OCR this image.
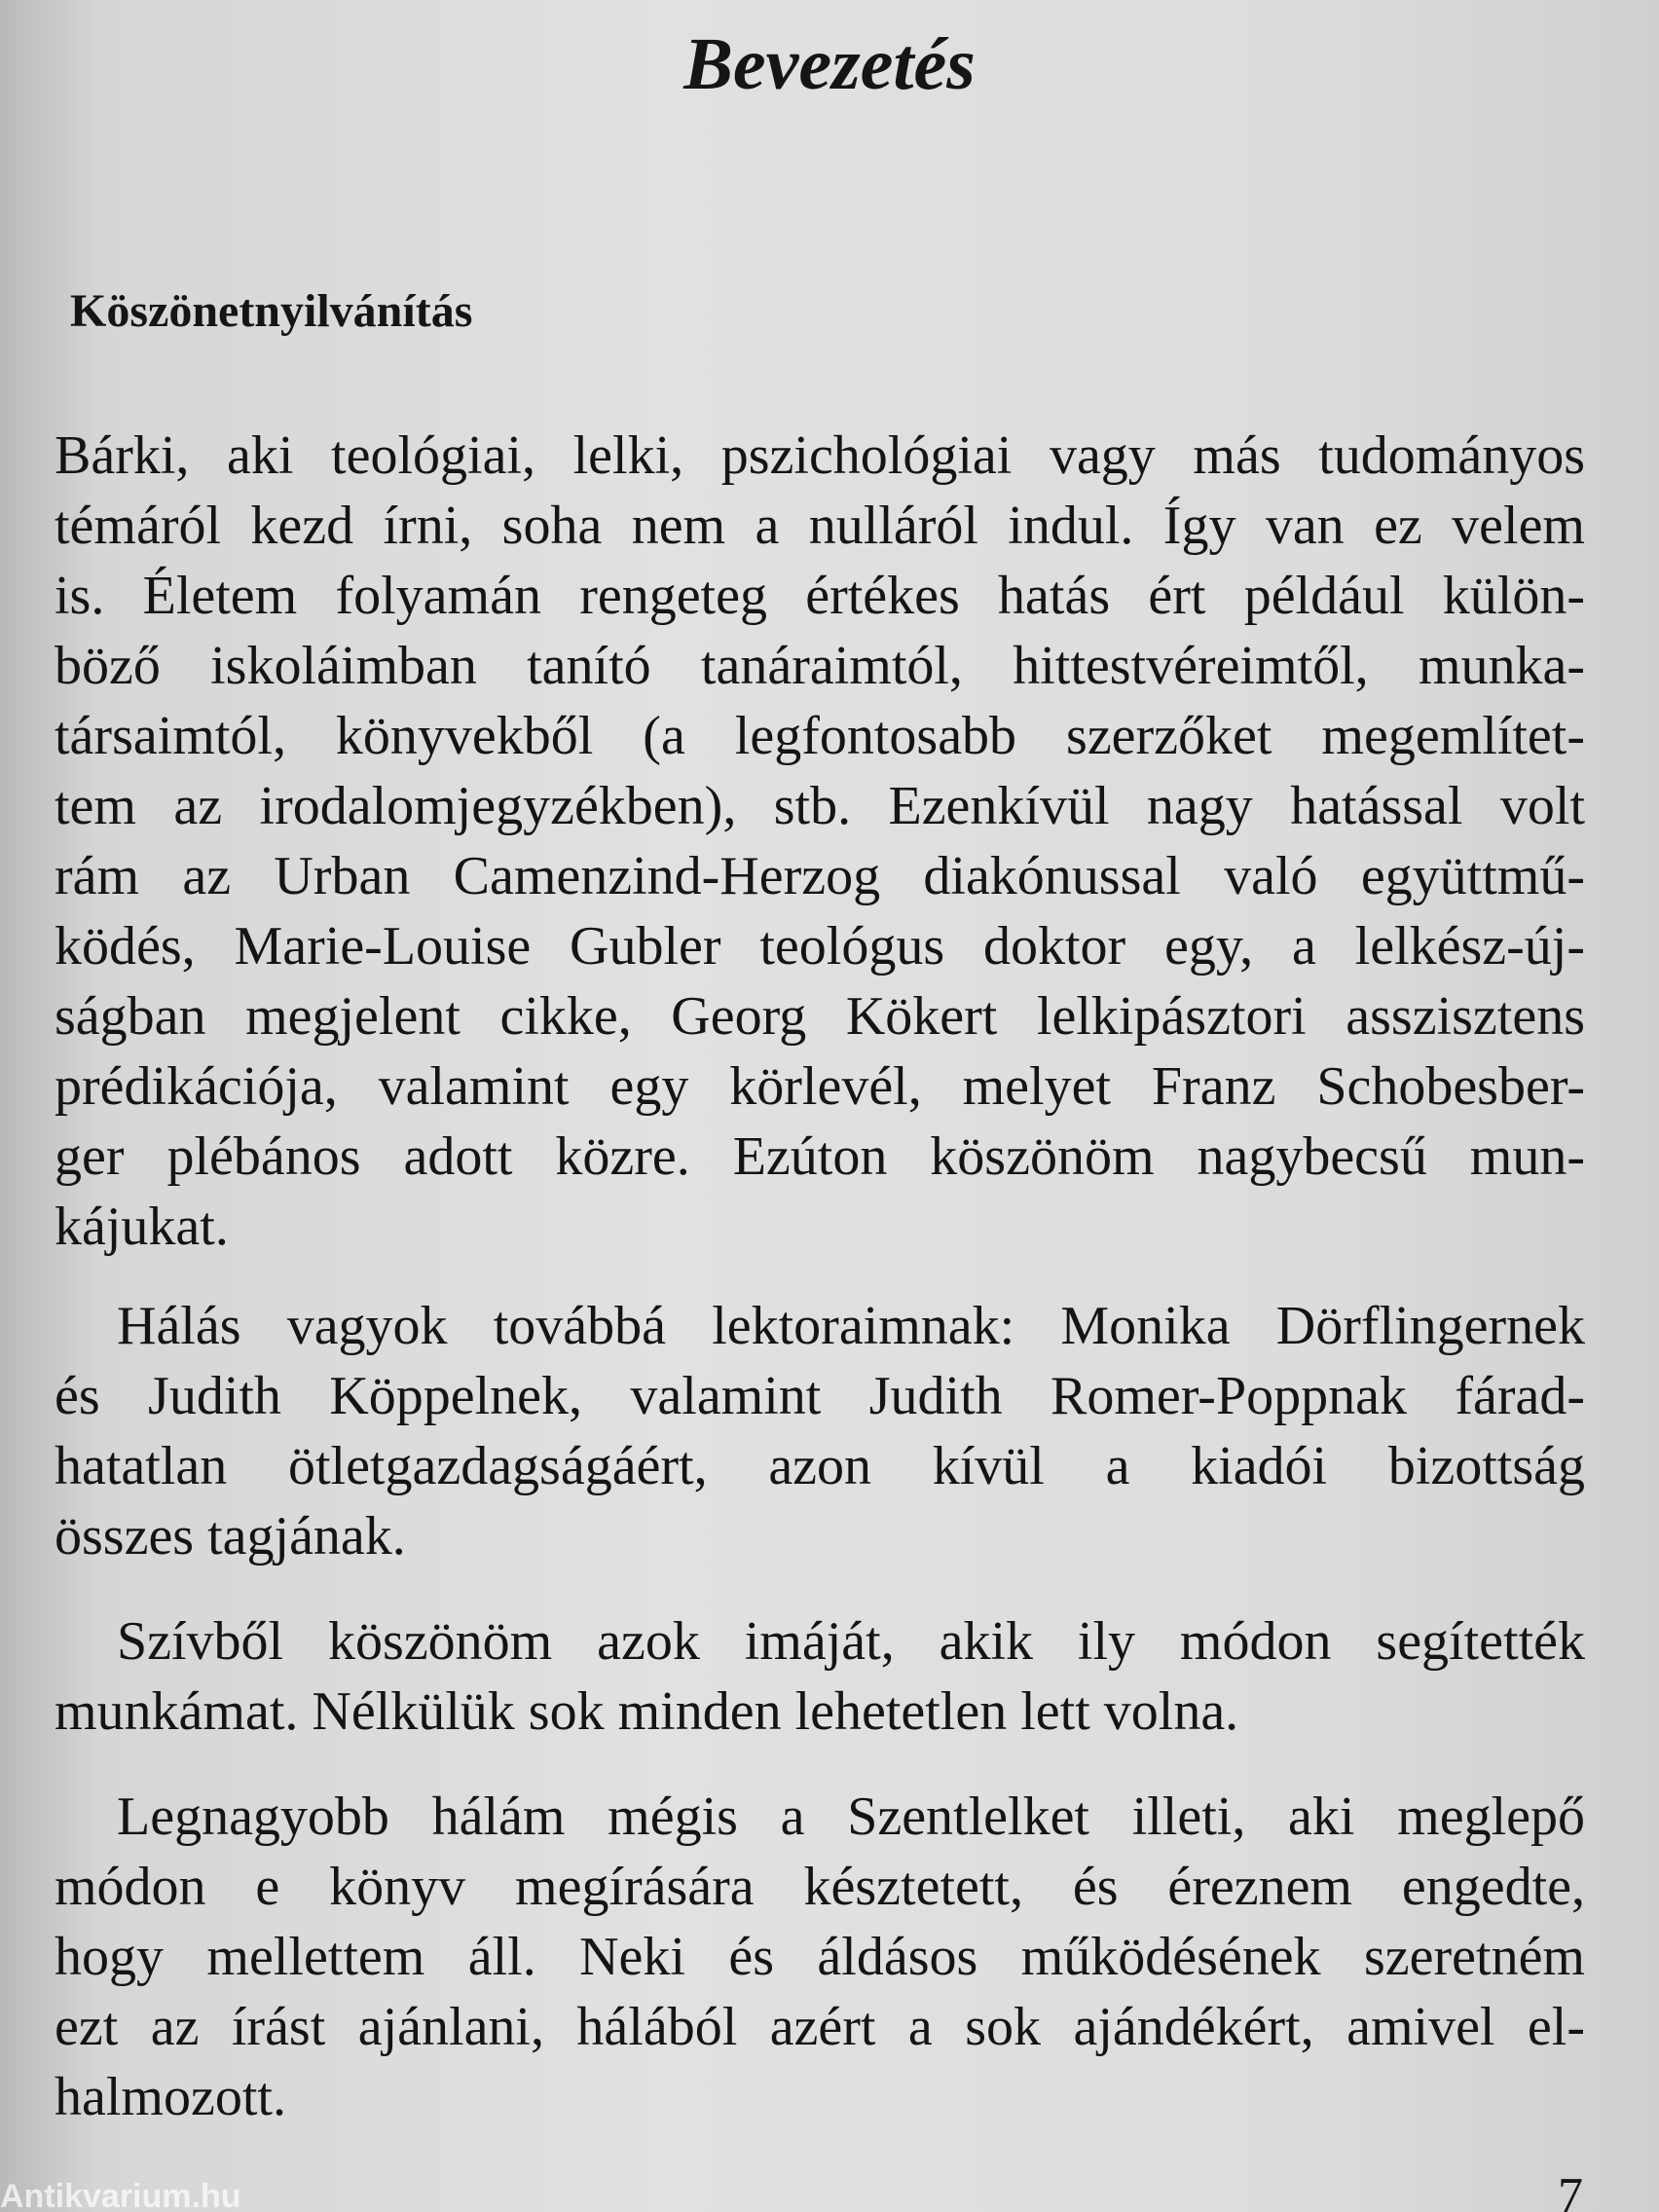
Bevezetés
Köszönetnyilvánítás
Bárki, aki teológiai, lelki, pszichológiai vagy más tudományos
témáról kezd írni, soha nem a nulláról indul. Így van ez velem
is. Életem folyamán rengeteg értékes hatás ért például külön-
böző iskoláimban tanító tanáraimtól, hittestvéreimtől, munka-
társaimtól, könyvekből (a legfontosabb szerzőket megemlítet-
tem az irodalomjegyzékben), stb. Ezenkívül nagy hatással volt
rám az Urban Camenzind-Herzog diakónussal való együttmű-
ködés, Marie-Louise Gubler teológus doktor egy, a lelkész-új-
ságban megjelent cikke, Georg Kökert lelkipásztori asszisztens
prédikációja, valamint egy körlevél, melyet Franz Schobesber-
ger plébános adott közre. Ezúton köszönöm nagybecsű mun-
kájukat.
Hálás vagyok továbbá lektoraimnak: Monika Dörflingernek
és Judith Köppelnek, valamint Judith Romer-Poppnak fárad-
hatatlan ötletgazdagságáért, azon kívül a kiadói bizottság
összes tagjának.
Szívből köszönöm azok imáját, akik ily módon segítették
munkámat. Nélkülük sok minden lehetetlen lett volna.
Legnagyobb hálám mégis a Szentlelket illeti, aki meglepő
módon e könyv megírására késztetett, és éreznem engedte,
hogy mellettem áll. Neki és áldásos működésének szeretném
ezt az írást ajánlani, hálából azért a sok ajándékért, amivel el-
halmozott.
Antikvarium.hu	7
